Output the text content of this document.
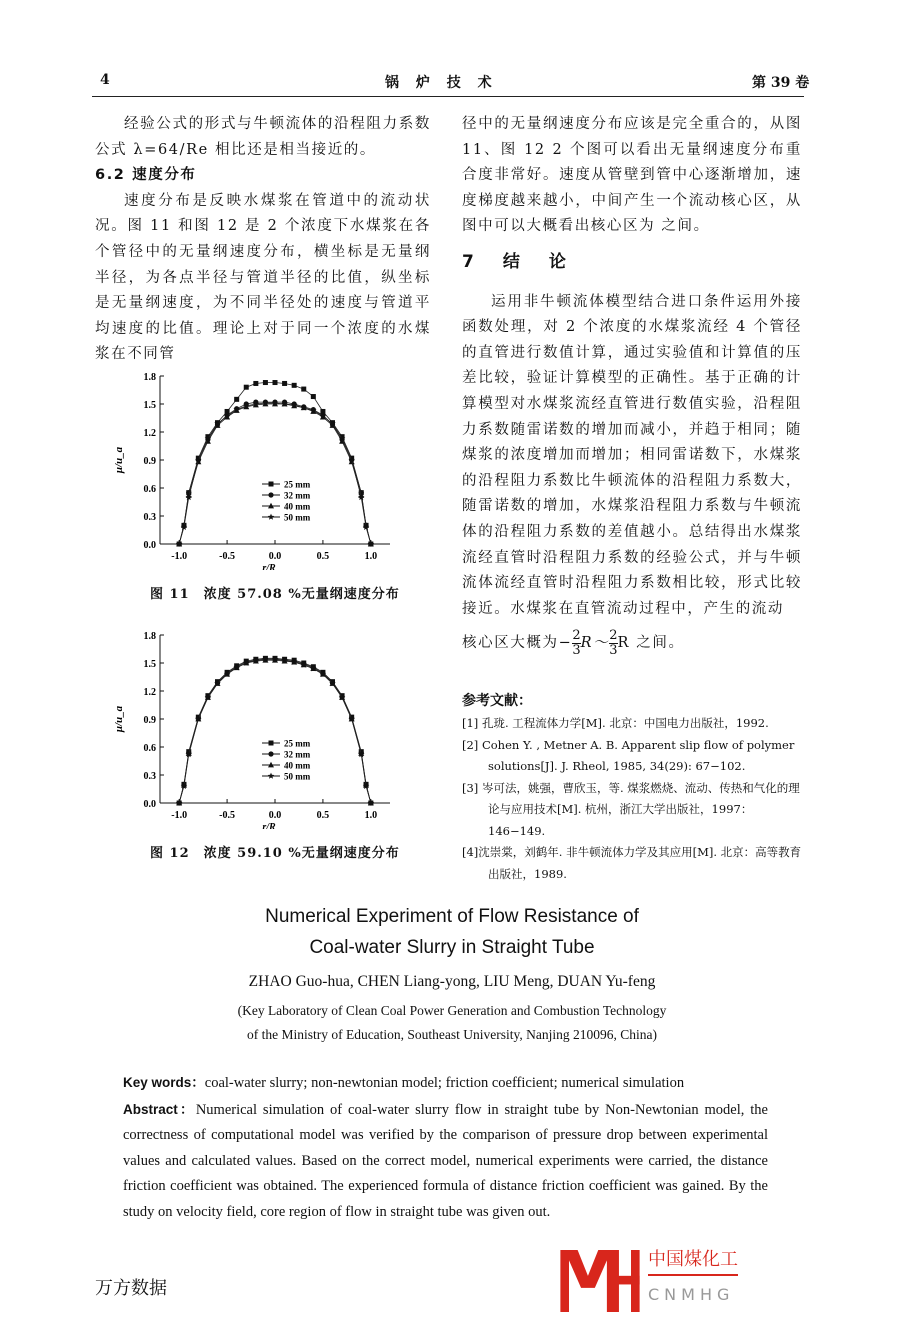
4	锅 炉 技 术	第 39 卷

经验公式的形式与牛顿流体的沿程阻力系数公式 λ=64/Re 相比还是相当接近的。

6.2 速度分布

速度分布是反映水煤浆在管道中的流动状况。图 11 和图 12 是 2 个浓度下水煤浆在各个管径中的无量纲速度分布，横坐标是无量纲半径，为各点半径与管道半径的比值，纵坐标是无量纲速度，为不同半径处的速度与管道平均速度的比值。理论上对于同一个浓度的水煤浆在不同管

0.0
0.3
0.6
0.9
1.2
1.5
1.8
-1.0	-0.5	0.0	0.5	1.0
r/R
μ/u_a
25 mm
32 mm
40 mm
50 mm
图 11　浓度 57.08 %无量纲速度分布
0.0
0.3
0.6
0.9
1.2
1.5
1.8
-1.0	-0.5	0.0	0.5	1.0
r/R
μ/u_a
25 mm
32 mm
40 mm
50 mm
图 12　浓度 59.10 %无量纲速度分布

径中的无量纲速度分布应该是完全重合的，从图 11、图 12 2 个图可以看出无量纲速度分布重合度非常好。速度从管壁到管中心逐渐增加，速度梯度越来越小，中间产生一个流动核心区，从图中可以大概看出核心区为 之间。

7　结　论

运用非牛顿流体模型结合进口条件运用外接函数处理，对 2 个浓度的水煤浆流经 4 个管径的直管进行数值计算，通过实验值和计算值的压差比较，验证计算模型的正确性。基于正确的计算模型对水煤浆流经直管进行数值实验，沿程阻力系数随雷诺数的增加而减小，并趋于相同；随煤浆的浓度增加而增加；相同雷诺数下，水煤浆的沿程阻力系数比牛顿流体的沿程阻力系数大，随雷诺数的增加，水煤浆沿程阻力系数与牛顿流体的沿程阻力系数的差值越小。总结得出水煤浆流经直管时沿程阻力系数的经验公式，并与牛顿流体流经直管时沿程阻力系数相比较，形式比较接近。水煤浆在直管流动过程中，产生的流动

核心区大概为− $\frac{2}{3}$ R～ $\frac{2}{3}$ R 之间。

参考文献：
[1] 孔珑. 工程流体力学[M]. 北京：中国电力出版社，1992.
[2] Cohen Y. , Metner A. B. Apparent slip flow of polymer solutions[J]. J. Rheol, 1985, 34(29): 67−102.
[3] 岑可法，姚强，曹欣玉，等. 煤浆燃烧、流动、传热和气化的理论与应用技术[M]. 杭州，浙江大学出版社，1997：146−149.
[4]沈崇棠，刘鹤年. 非牛顿流体力学及其应用[M]. 北京：高等教育出版社，1989.
Numerical Experiment of Flow Resistance of
Coal-water Slurry in Straight Tube
ZHAO Guo-hua, CHEN Liang-yong, LIU Meng, DUAN Yu-feng
(Key Laboratory of Clean Coal Power Generation and Combustion Technology
of the Ministry of Education, Southeast University, Nanjing 210096, China)
Key words：coal-water slurry; non-newtonian model; friction coefficient; numerical simulation
Abstract：Numerical simulation of coal-water slurry flow in straight tube by Non-Newtonian model, the correctness of computational model was verified by the comparison of pressure drop between experimental values and calculated values. Based on the correct model, numerical experiments were carried, the distance friction coefficient was obtained. The experienced formula of distance friction coefficient was gained. By the study on velocity field, core region of flow in straight tube was given out.
中国煤化工
CNMHG
万方数据
